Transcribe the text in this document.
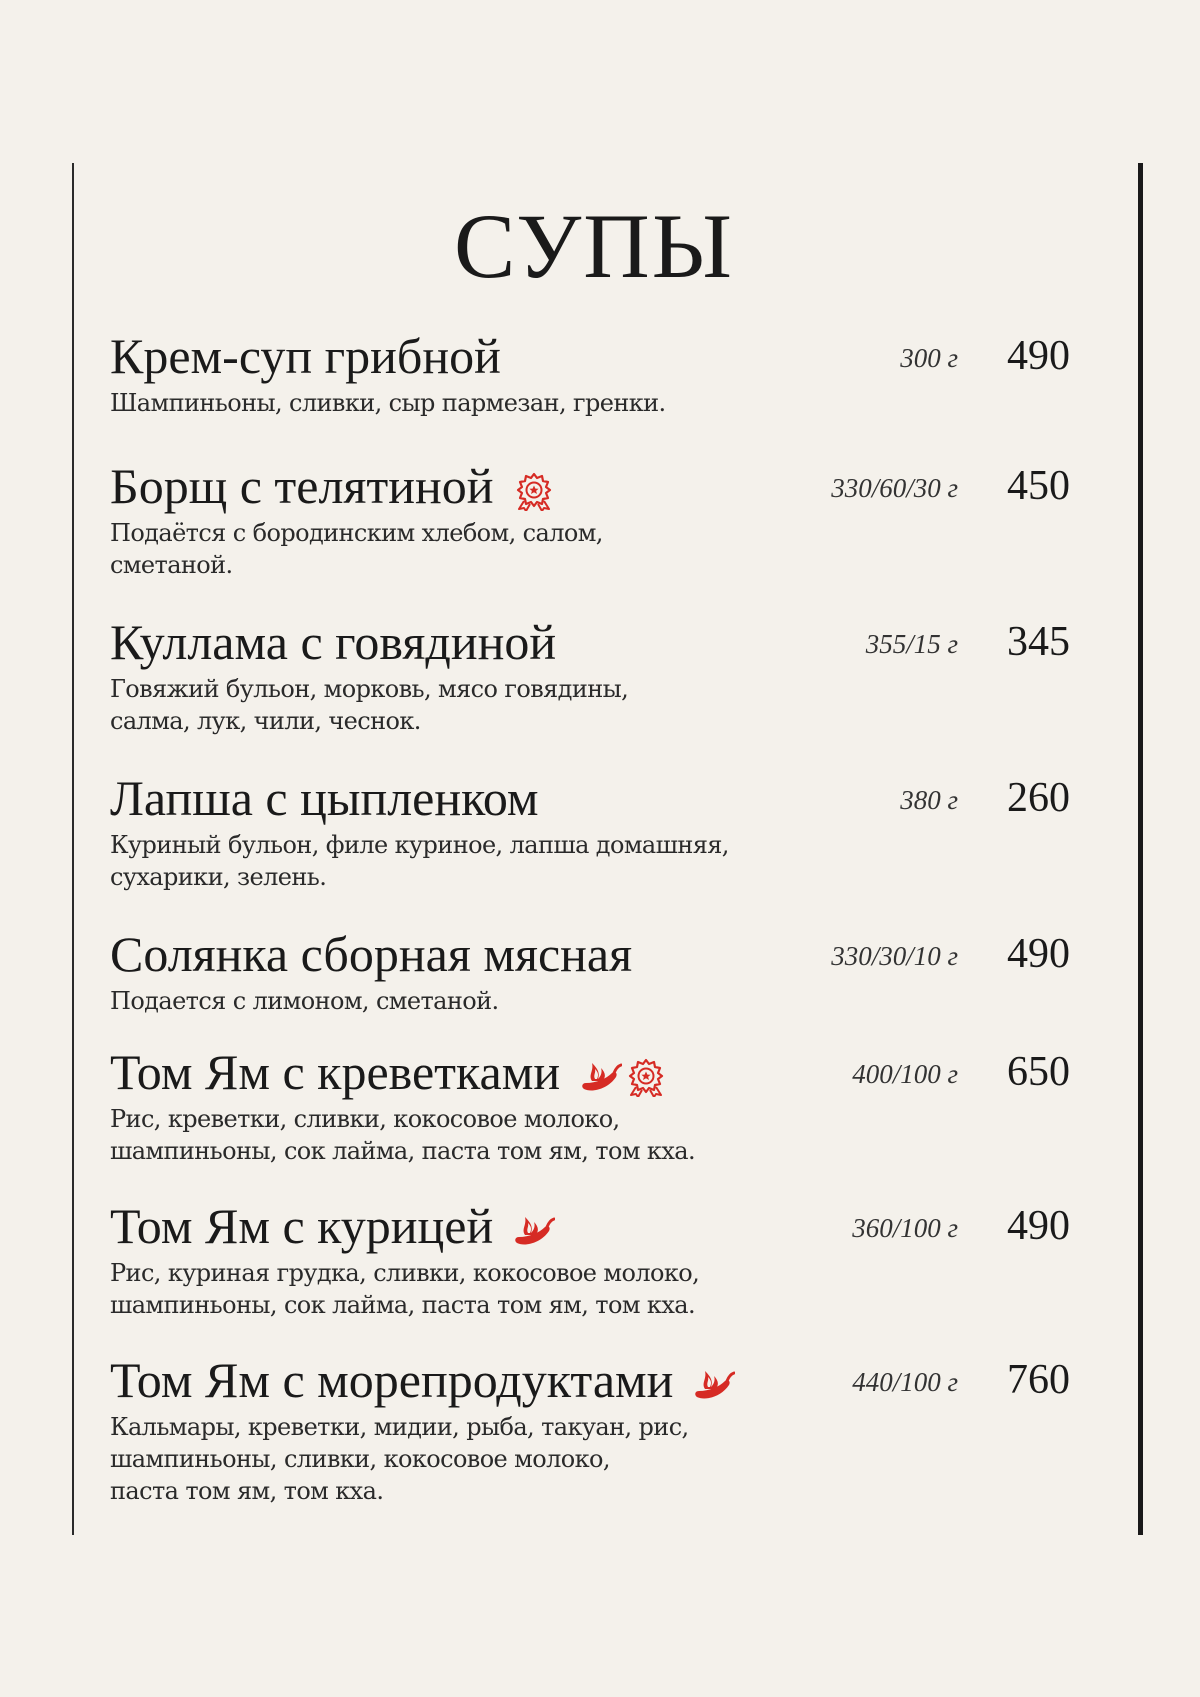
СУПЫ
Крем-суп грибной	300 г 490
Шампиньоны, сливки, сыр пармезан, гренки.
Борщ с телятиной	330/60/30 г 450
Подаётся с бородинским хлебом, салом,
сметаной.
Куллама с говядиной	355/15 г 345
Говяжий бульон, морковь, мясо говядины,
салма, лук, чили, чеснок.
Лапша с цыпленком	380 г 260
Куриный бульон, филе куриное, лапша домашняя,
сухарики, зелень.
Солянка сборная мясная	330/30/10 г 490
Подается с лимоном, сметаной.
Том Ям с креветками	400/100 г 650
Рис, креветки, сливки, кокосовое молоко,
шампиньоны, сок лайма, паста том ям, том кха.
Том Ям с курицей	360/100 г 490
Рис, куриная грудка, сливки, кокосовое молоко,
шампиньоны, сок лайма, паста том ям, том кха.
Том Ям с морепродуктами	440/100 г 760
Кальмары, креветки, мидии, рыба, такуан, рис,
шампиньоны, сливки, кокосовое молоко,
паста том ям, том кха.
